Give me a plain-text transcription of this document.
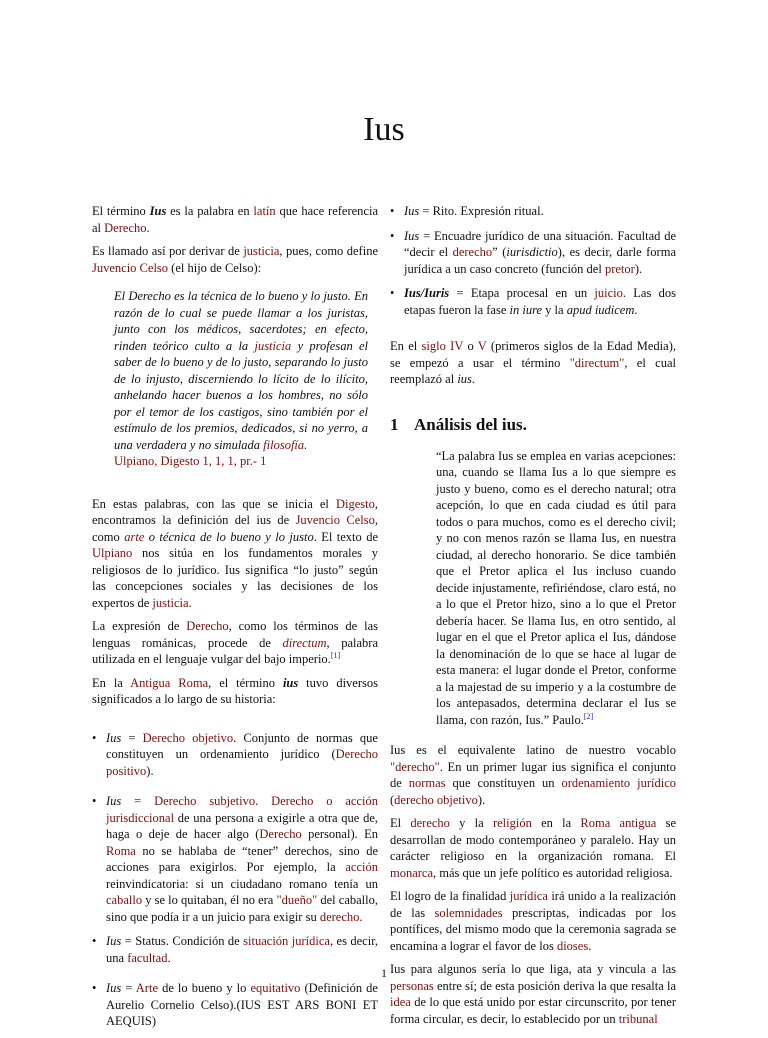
Ius

El término Ius es la palabra en latín que hace referencia al Derecho.

Es llamado así por derivar de justicia, pues, como define Juvencio Celso (el hijo de Celso):

El Derecho es la técnica de lo bueno y lo justo. En razón de lo cual se puede llamar a los juristas, junto con los médicos, sacerdotes; en efecto, rinden teórico culto a la justicia y profesan el saber de lo bueno y de lo justo, separando lo justo de lo injusto, discerniendo lo lícito de lo ilícito, anhelando hacer buenos a los hombres, no sólo por el temor de los castigos, sino también por el estímulo de los premios, dedicados, si no yerro, a una verdadera y no simulada filosofía.
Ulpiano, Digesto 1, 1, 1, pr.- 1

En estas palabras, con las que se inicia el Digesto, encontramos la definición del ius de Juvencio Celso, como arte o técnica de lo bueno y lo justo. El texto de Ulpiano nos sitúa en los fundamentos morales y religiosos de lo jurídico. Ius significa “lo justo” según las concepciones sociales y las decisiones de los expertos de justicia.

La expresión de Derecho, como los términos de las lenguas románicas, procede de directum, palabra utilizada en el lenguaje vulgar del bajo imperio.[1]

En la Antigua Roma, el término ius tuvo diversos significados a lo largo de su historia:

• Ius = Derecho objetivo. Conjunto de normas que constituyen un ordenamiento jurídico (Derecho positivo).
• Ius = Derecho subjetivo. Derecho o acción jurisdiccional de una persona a exigirle a otra que de, haga o deje de hacer algo (Derecho personal). En Roma no se hablaba de “tener” derechos, sino de acciones para exigirlos. Por ejemplo, la acción reinvindicatoria: si un ciudadano romano tenía un caballo y se lo quitaban, él no era "dueño" del caballo, sino que podía ir a un juicio para exigir su derecho.
• Ius = Status. Condición de situación jurídica, es decir, una facultad.
• Ius = Arte de lo bueno y lo equitativo (Definición de Aurelio Cornelio Celso).(IUS EST ARS BONI ET AEQUIS)
• Ius = Rito. Expresión ritual.
• Ius = Encuadre jurídico de una situación. Facultad de “decir el derecho” (iurisdictio), es decir, darle forma jurídica a un caso concreto (función del pretor).
• Ius/Iuris = Etapa procesal en un juicio. Las dos etapas fueron la fase in iure y la apud iudicem.

En el siglo IV o V (primeros siglos de la Edad Media), se empezó a usar el término "directum", el cual reemplazó al ius.

1 Análisis del ius.
“La palabra Ius se emplea en varias acepciones: una, cuando se llama Ius a lo que siempre es justo y bueno, como es el derecho natural; otra acepción, lo que en cada ciudad es útil para todos o para muchos, como es el derecho civil; y no con menos razón se llama Ius, en nuestra ciudad, al derecho honorario. Se dice también que el Pretor aplica el Ius incluso cuando decide injustamente, refiriéndose, claro está, no a lo que el Pretor hizo, sino a lo que el Pretor debería hacer. Se llama Ius, en otro sentido, al lugar en el que el Pretor aplica el Ius, dándose la denominación de lo que se hace al lugar de esta manera: el lugar donde el Pretor, conforme a la majestad de su imperio y a la costumbre de los antepasados, determina declarar el Ius se llama, con razón, Ius.” Paulo.[2]

Ius es el equivalente latino de nuestro vocablo "derecho". En un primer lugar ius significa el conjunto de normas que constituyen un ordenamiento jurídico (derecho objetivo).

El derecho y la religión en la Roma antigua se desarrollan de modo contemporáneo y paralelo. Hay un carácter religioso en la organización romana. El monarca, más que un jefe político es autoridad religiosa.

El logro de la finalidad jurídica irá unido a la realización de las solemnidades prescriptas, indicadas por los pontífices, del mismo modo que la ceremonia sagrada se encamina a lograr el favor de los dioses.

Ius para algunos sería lo que liga, ata y vincula a las personas entre sí; de esta posición deriva la que resalta la idea de lo que está unido por estar circunscrito, por tener forma circular, es decir, lo establecido por un tribunal

1
